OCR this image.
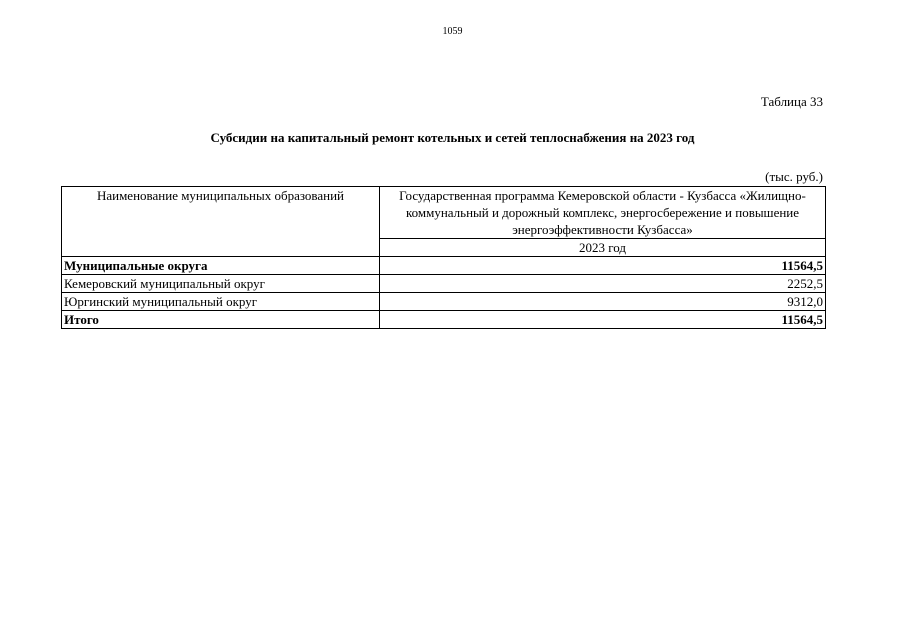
1059
Таблица 33
Субсидии на капитальный ремонт котельных и сетей теплоснабжения на 2023 год
(тыс. руб.)
Наименование муниципальных образований	Государственная программа Кемеровской области - Кузбасса «Жилищно-коммунальный и дорожный комплекс, энергосбережение и повышение энергоэффективности Кузбасса»
	2023 год
Муниципальные округа	11564,5
Кемеровский муниципальный округ	2252,5
Юргинский муниципальный округ	9312,0
Итого	11564,5
